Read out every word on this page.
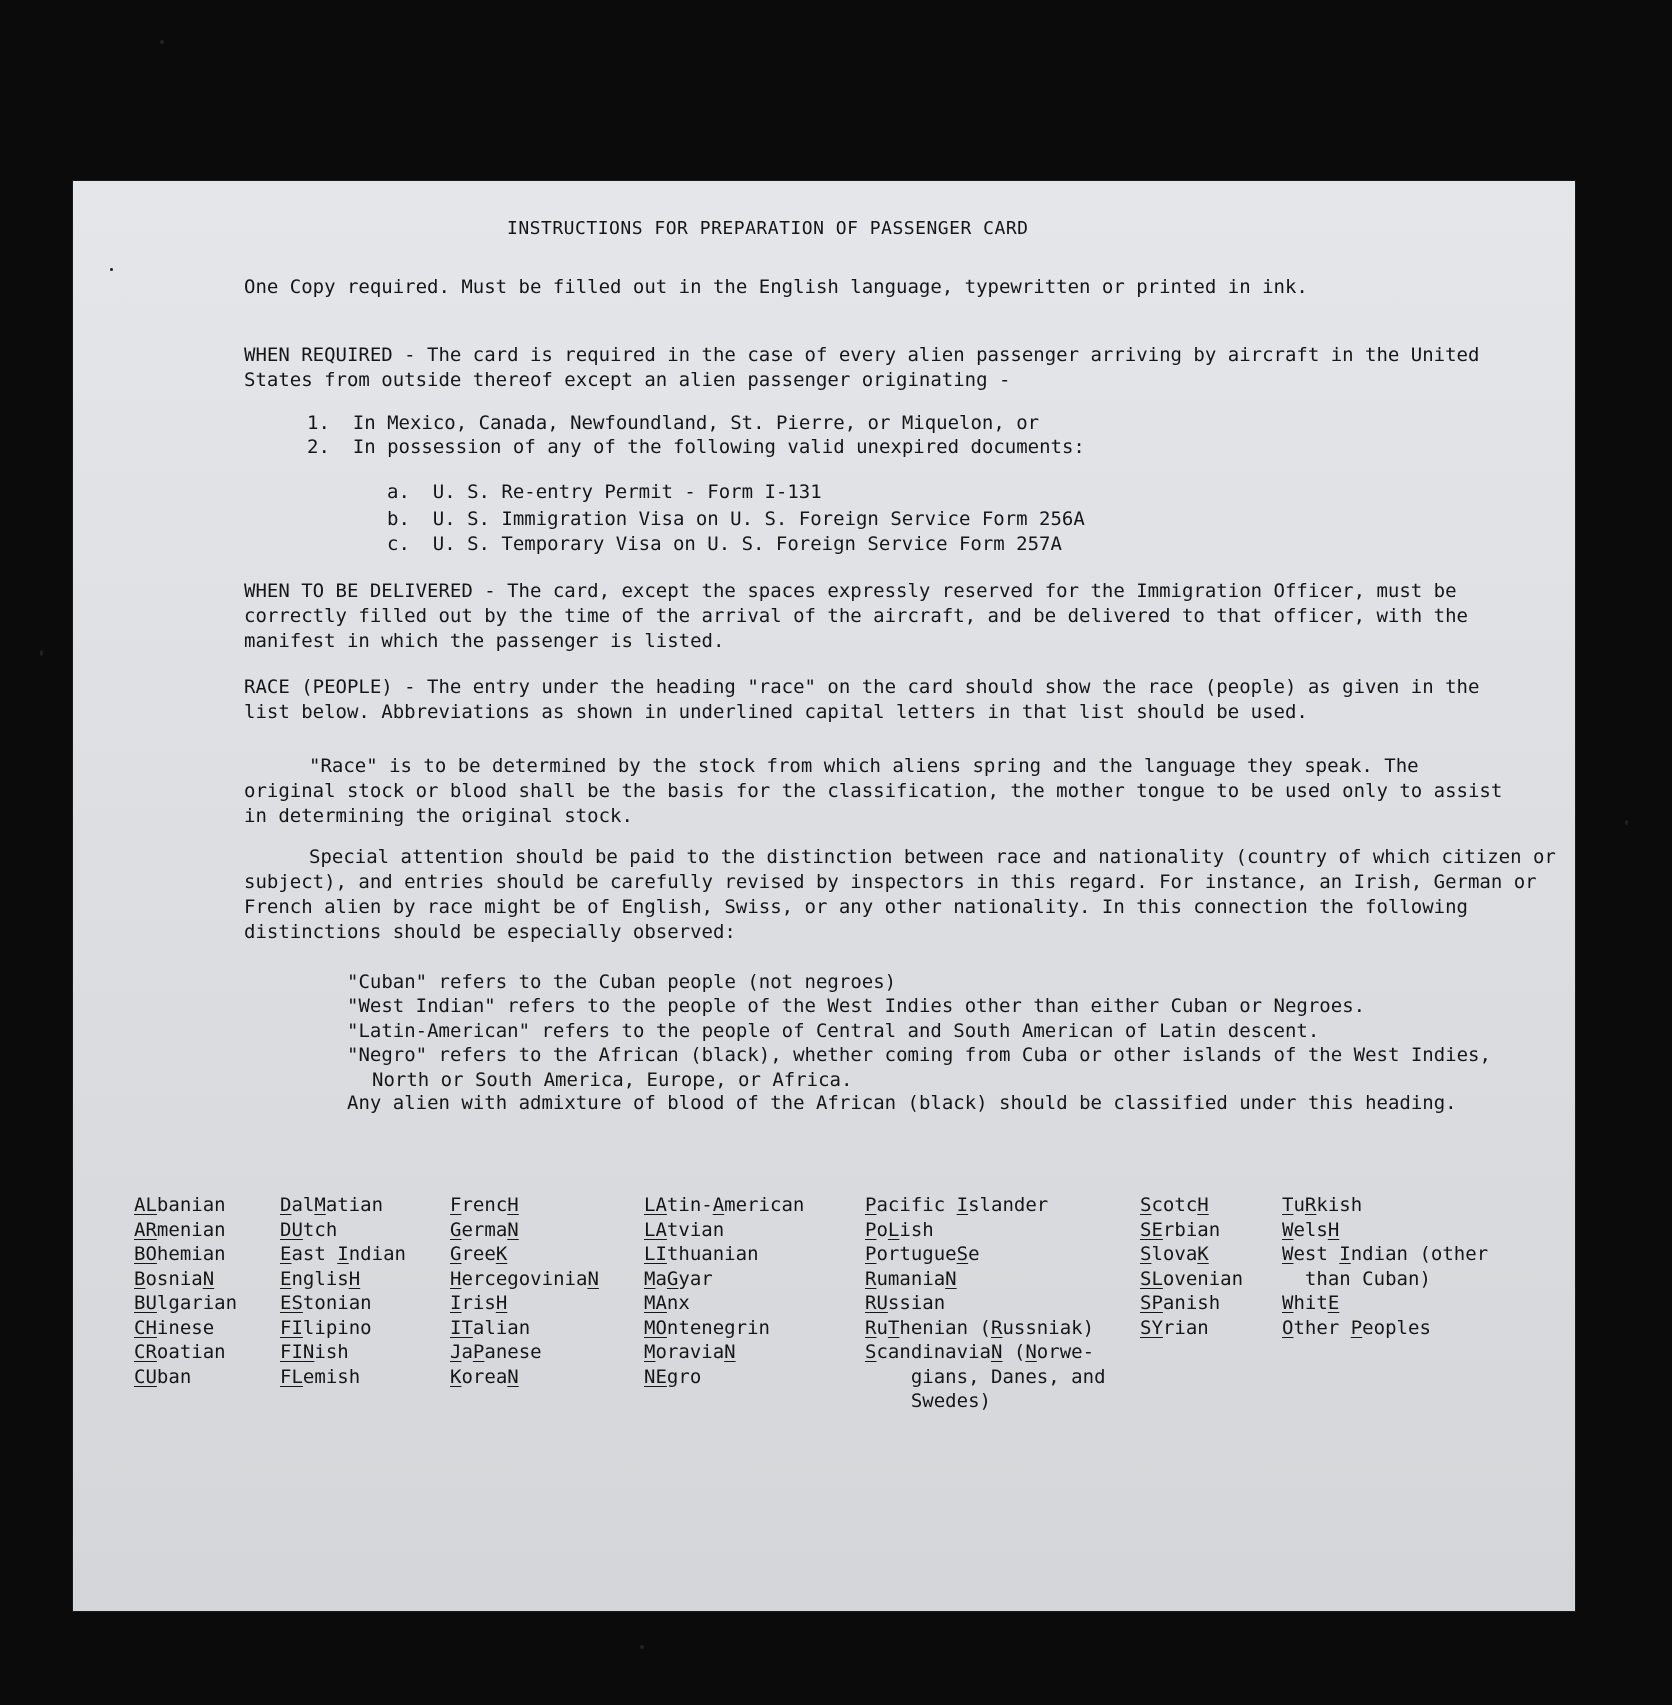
INSTRUCTIONS FOR PREPARATION OF PASSENGER CARD
One Copy required. Must be filled out in the English language, typewritten or printed in ink.
WHEN REQUIRED - The card is required in the case of every alien passenger arriving by aircraft in the United States from outside thereof except an alien passenger originating -
1.  In Mexico, Canada, Newfoundland, St. Pierre, or Miquelon, or
2.  In possession of any of the following valid unexpired documents:
a.  U. S. Re-entry Permit - Form I-131
b.  U. S. Immigration Visa on U. S. Foreign Service Form 256A
c.  U. S. Temporary Visa on U. S. Foreign Service Form 257A
WHEN TO BE DELIVERED - The card, except the spaces expressly reserved for the Immigration Officer, must be correctly filled out by the time of the arrival of the aircraft, and be delivered to that officer, with the manifest in which the passenger is listed.
RACE (PEOPLE) - The entry under the heading "race" on the card should show the race (people) as given in the list below. Abbreviations as shown in underlined capital letters in that list should be used.
"Race" is to be determined by the stock from which aliens spring and the language they speak. The original stock or blood shall be the basis for the classification, the mother tongue to be used only to assist in determining the original stock.
Special attention should be paid to the distinction between race and nationality (country of which citizen or subject), and entries should be carefully revised by inspectors in this regard. For instance, an Irish, German or French alien by race might be of English, Swiss, or any other nationality. In this connection the following distinctions should be especially observed:
"Cuban" refers to the Cuban people (not negroes)
"West Indian" refers to the people of the West Indies other than either Cuban or Negroes.
"Latin-American" refers to the people of Central and South American of Latin descent.
"Negro" refers to the African (black), whether coming from Cuba or other islands of the West Indies, North or South America, Europe, or Africa.
Any alien with admixture of blood of the African (black) should be classified under this heading.
ALbanian
ARmenian
BOhemian
BosniaN
BUlgarian
CHinese
CRoatian
CUban
DalMatian
DUtch
East Indian
EnglisH
EStonian
FIlipino
FINish
FLemish
FrencH
GermaN
GreeK
HercegoviniaN
IrisH
ITalian
JaPanese
KoreaN
LAtin-American
LAtvian
LIthuanian
MaGyar
MAnx
MOntenegrin
MoraviaN
NEgro
Pacific Islander
PoLish
PortugueSe
RumaniaN
RUssian
RuThenian (Russniak)
ScandinaviaN (Norwe-
gians, Danes, and
Swedes)
ScotcH
SErbian
SlovaK
SLovenian
SPanish
SYrian
TuRkish
WelsH
West Indian (other
than Cuban)
WhitE
Other Peoples
